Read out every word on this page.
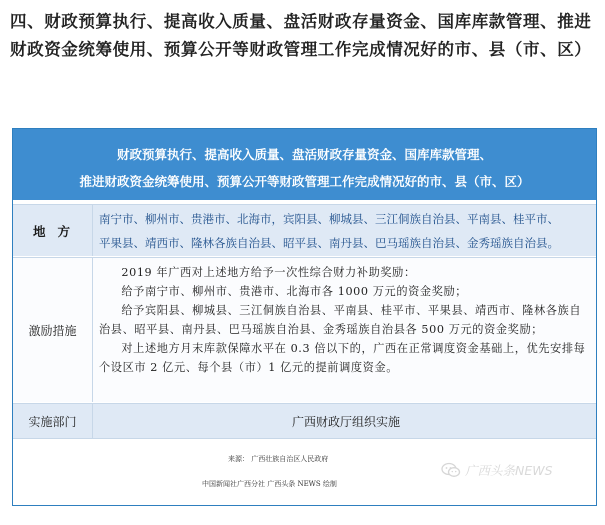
四、财政预算执行、提高收入质量、盘活财政存量资金、国库库款管理、推进财政资金统筹使用、预算公开等财政管理工作完成情况好的市、县（市、区）
财政预算执行、提高收入质量、盘活财政存量资金、国库库款管理、
推进财政资金统筹使用、预算公开等财政管理工作完成情况好的市、县（市、区）
地方
南宁市、柳州市、贵港市、北海市，宾阳县、柳城县、三江侗族自治县、平南县、桂平市、
平果县、靖西市、隆林各族自治县、昭平县、南丹县、巴马瑶族自治县、金秀瑶族自治县。
激励措施

2019 年广西对上述地方给予一次性综合财力补助奖励：

给予南宁市、柳州市、贵港市、北海市各 1000 万元的资金奖励；

给予宾阳县、柳城县、三江侗族自治县、平南县、桂平市、平果县、靖西市、隆林各族自治县、昭平县、南丹县、巴马瑶族自治县、金秀瑶族自治县各 500 万元的资金奖励；

对上述地方月末库款保障水平在 0.3 倍以下的，广西在正常调度资金基础上，优先安排每个设区市 2 亿元、每个县（市）1 亿元的提前调度资金。

实施部门	广西财政厅组织实施
来源： 广西壮族自治区人民政府
中国新闻社广西分社 广西头条 NEWS 绘制
广西头条NEWS
